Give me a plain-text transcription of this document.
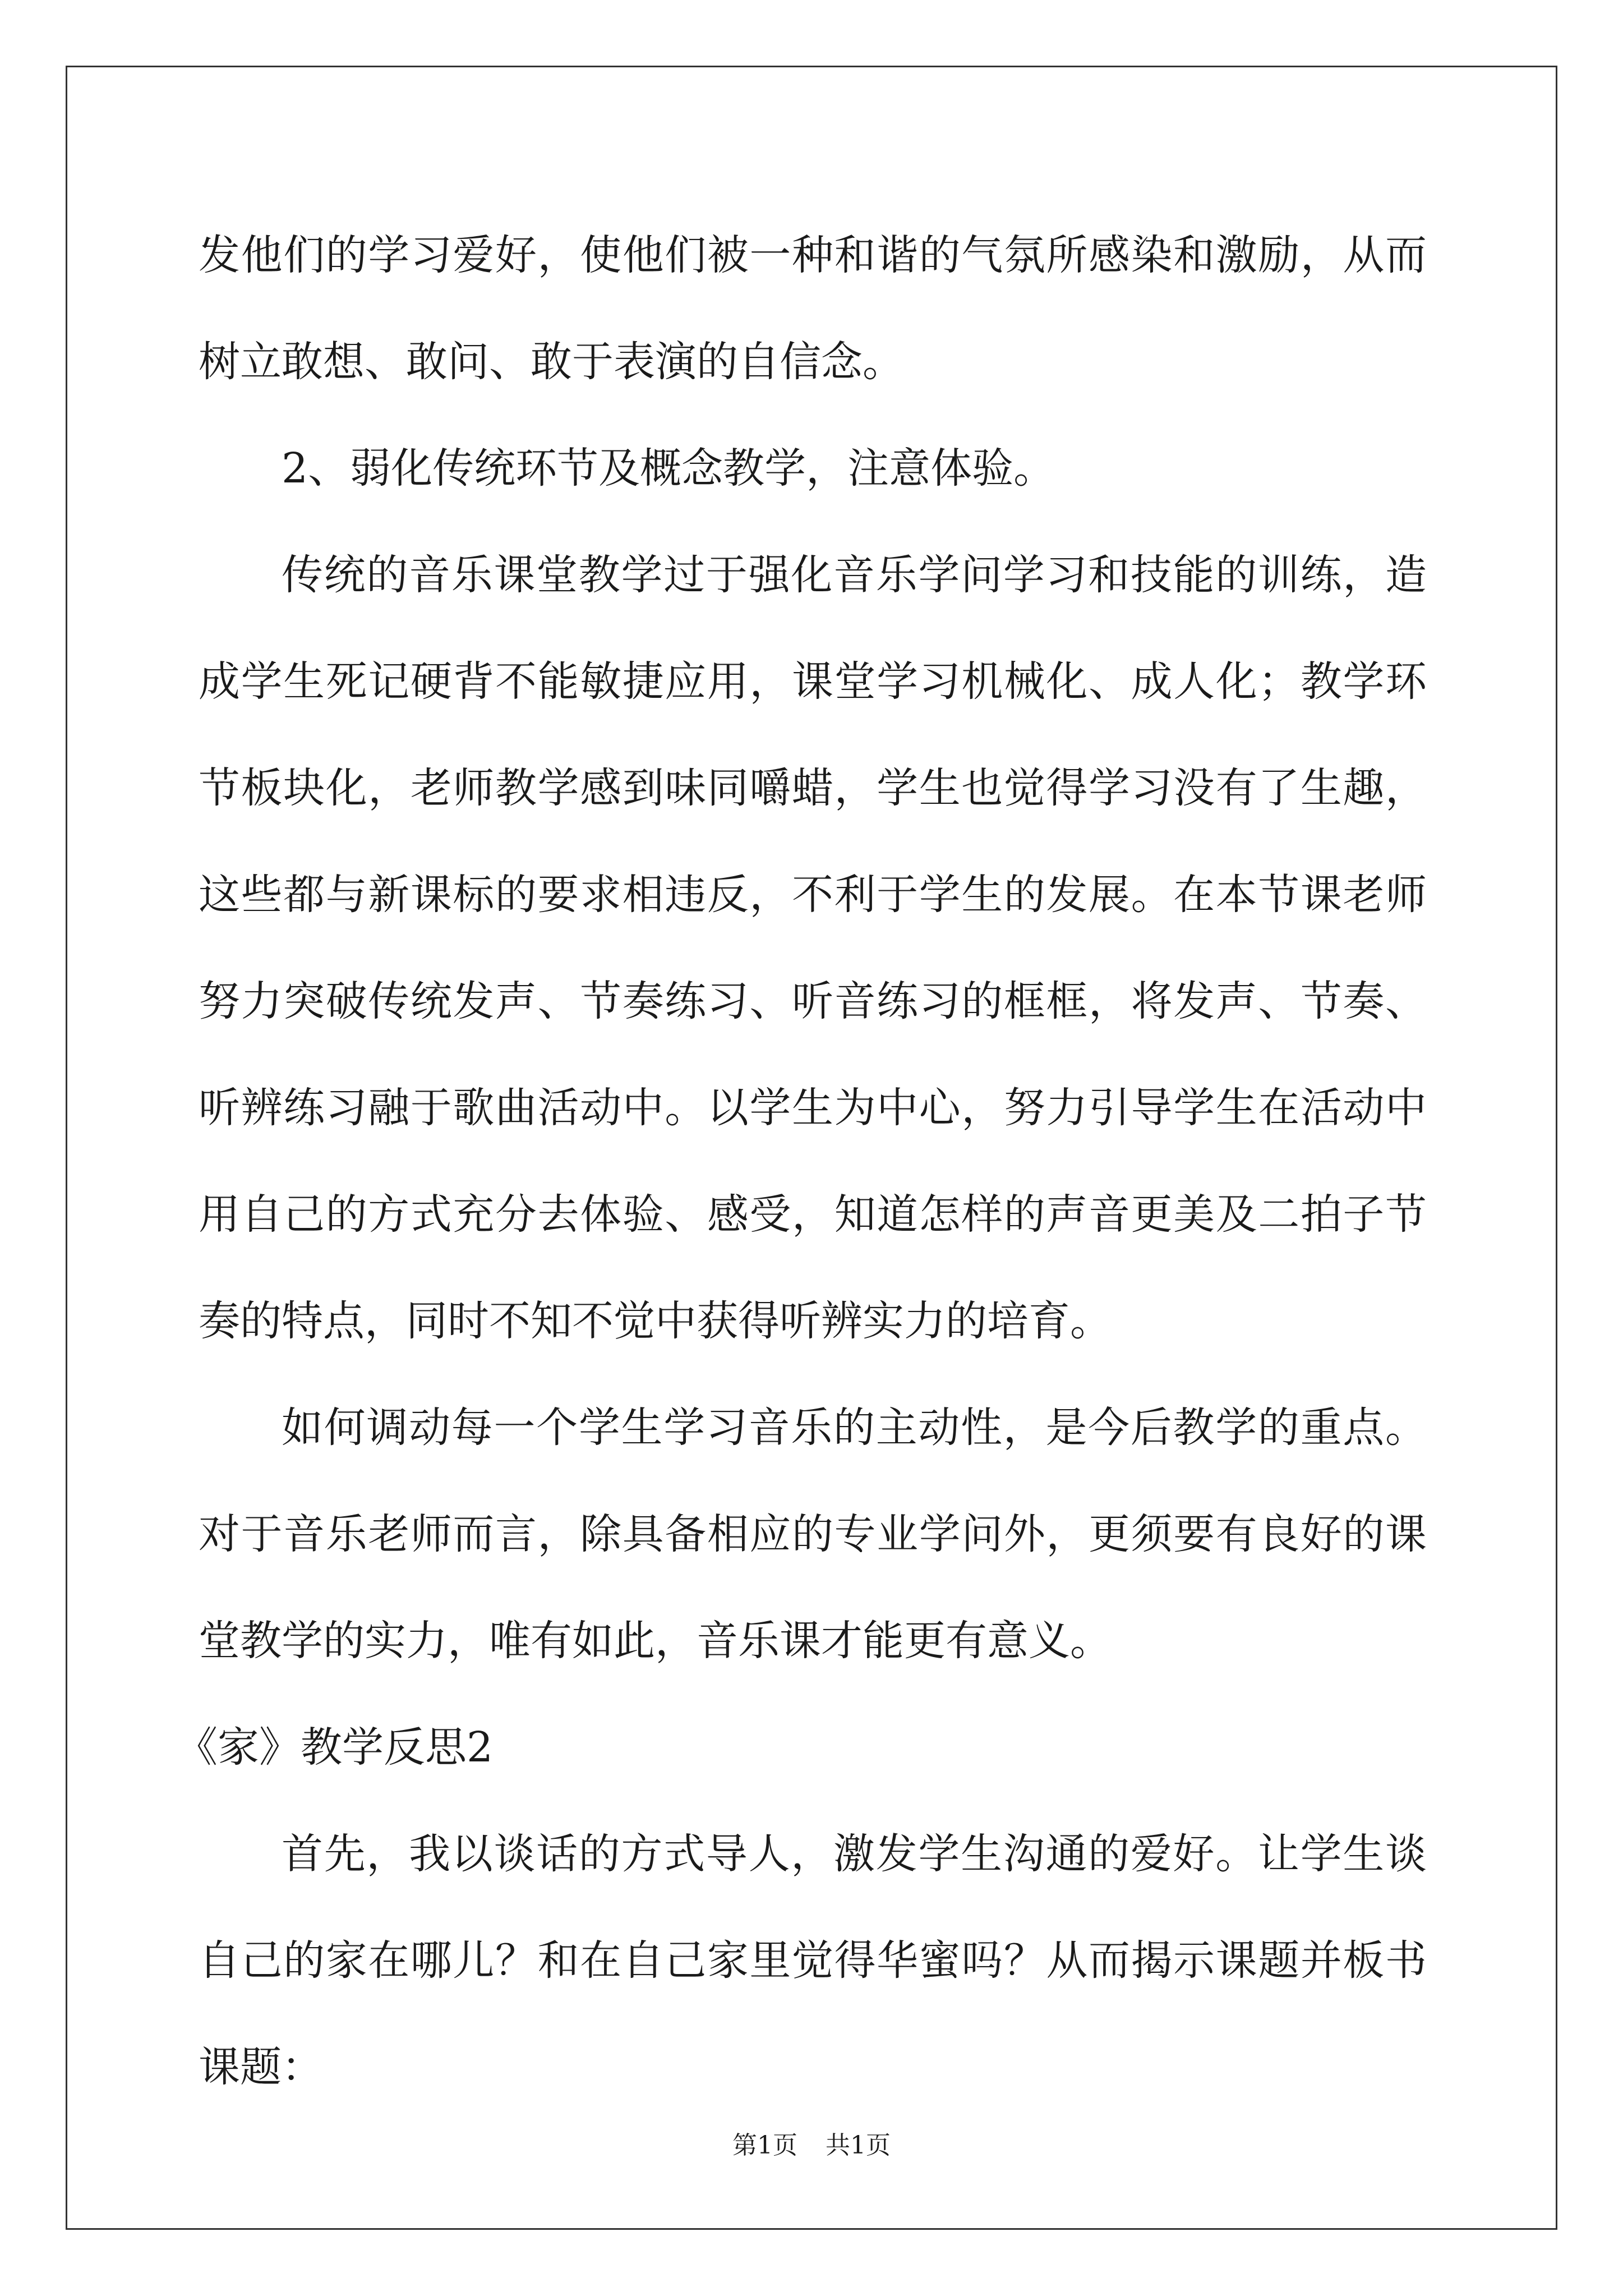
发他们的学习爱好，使他们被一种和谐的气氛所感染和激励，从而树立敢想、敢问、敢于表演的自信念。

2、弱化传统环节及概念教学，注意体验。

传统的音乐课堂教学过于强化音乐学问学习和技能的训练，造成学生死记硬背不能敏捷应用，课堂学习机械化、成人化；教学环节板块化，老师教学感到味同嚼蜡，学生也觉得学习没有了生趣，这些都与新课标的要求相违反，不利于学生的发展。在本节课老师努力突破传统发声、节奏练习、听音练习的框框，将发声、节奏、听辨练习融于歌曲活动中。以学生为中心，努力引导学生在活动中用自己的方式充分去体验、感受，知道怎样的声音更美及二拍子节奏的特点，同时不知不觉中获得听辨实力的培育。

如何调动每一个学生学习音乐的主动性，是今后教学的重点。对于音乐老师而言，除具备相应的专业学问外，更须要有良好的课堂教学的实力，唯有如此，音乐课才能更有意义。

《家》教学反思2

首先，我以谈话的方式导人，激发学生沟通的爱好。让学生谈自己的家在哪儿？和在自己家里觉得华蜜吗？从而揭示课题并板书课题：

第1页 共1页
